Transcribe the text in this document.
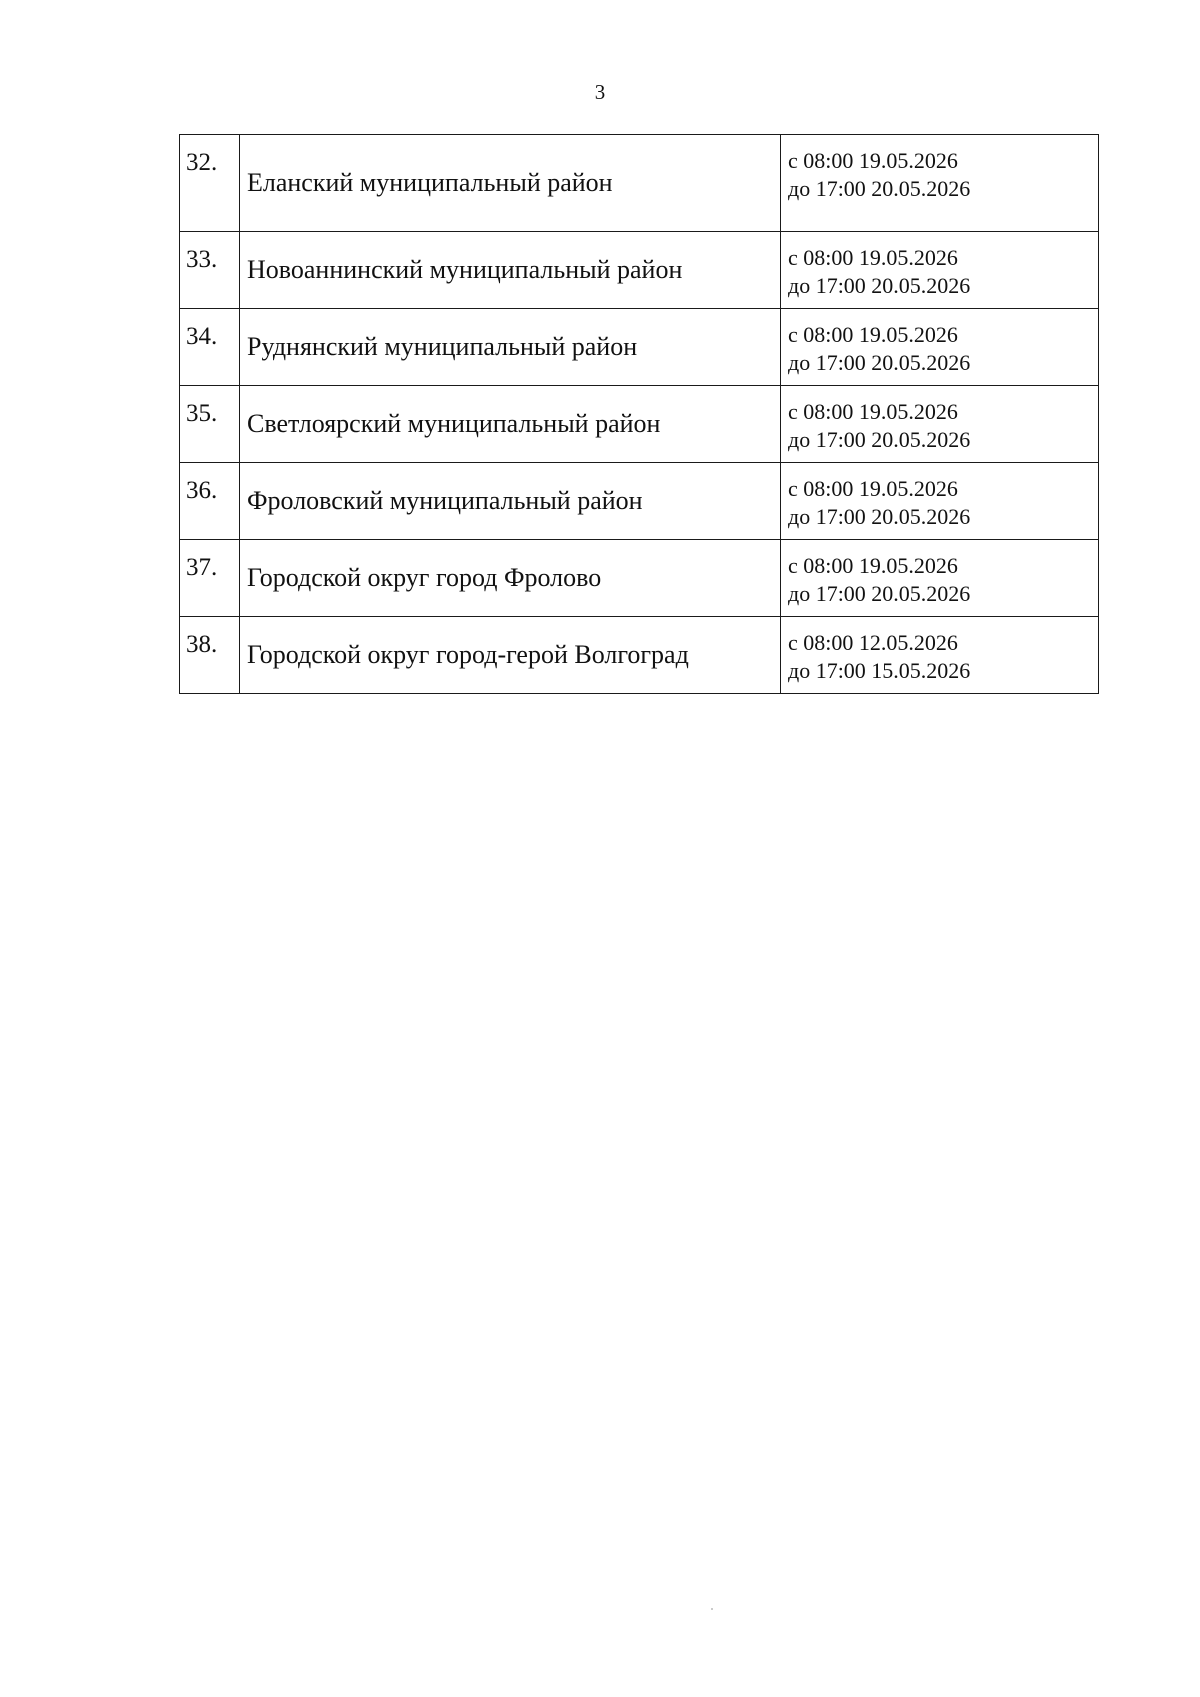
3
32.	Еланский муниципальный район	с 08:00 19.05.2026
до 17:00 20.05.2026

33.	Новоаннинский муниципальный район	с 08:00 19.05.2026
до 17:00 20.05.2026

34.	Руднянский муниципальный район	с 08:00 19.05.2026
до 17:00 20.05.2026

35.	Светлоярский муниципальный район	с 08:00 19.05.2026
до 17:00 20.05.2026

36.	Фроловский муниципальный район	с 08:00 19.05.2026
до 17:00 20.05.2026

37.	Городской округ город Фролово	с 08:00 19.05.2026
до 17:00 20.05.2026

38.	Городской округ город-герой Волгоград	с 08:00 12.05.2026
до 17:00 15.05.2026
